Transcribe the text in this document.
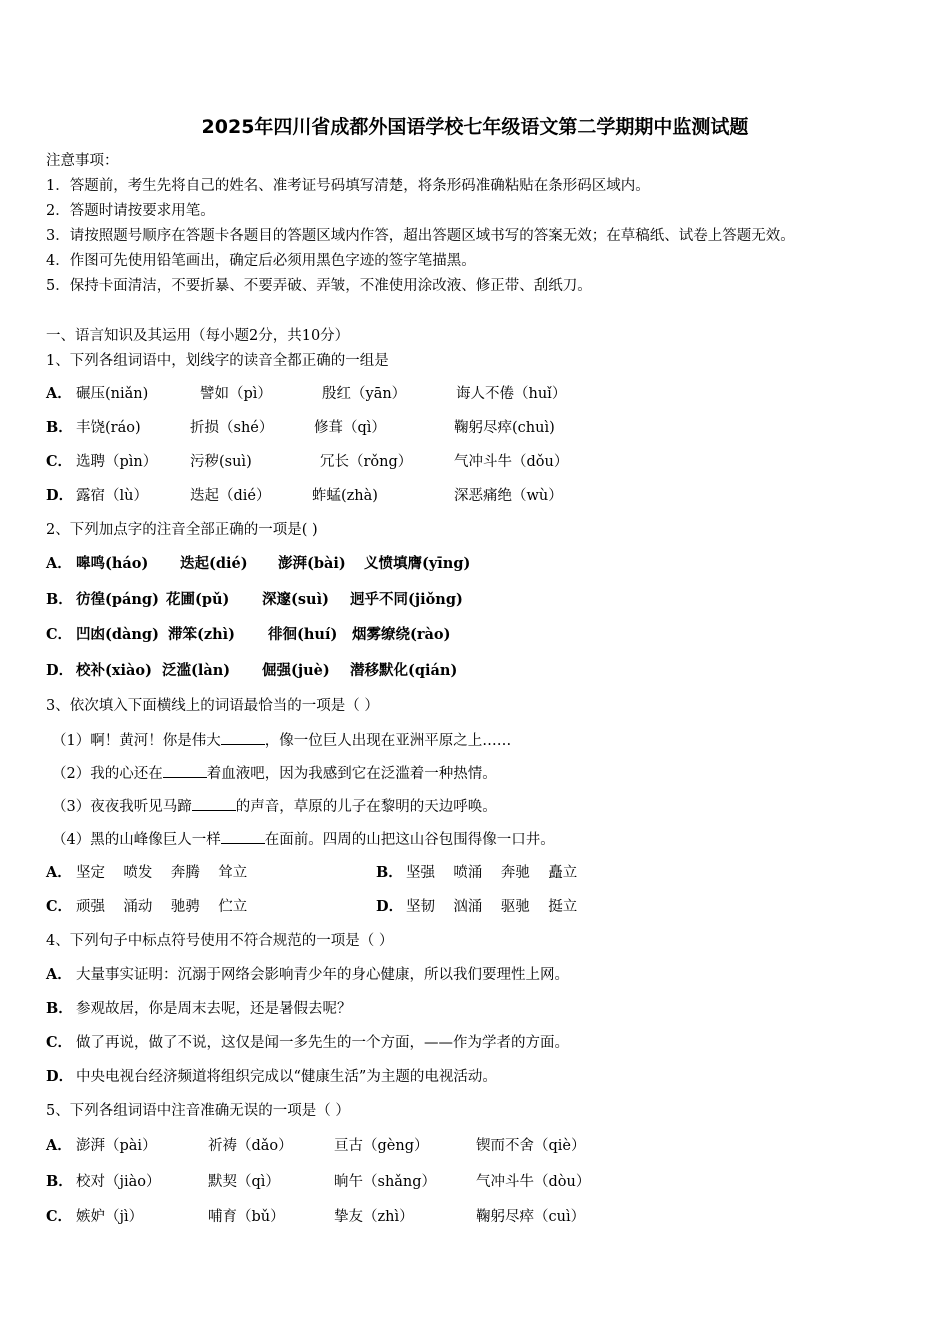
2025年四川省成都外国语学校七年级语文第二学期期中监测试题
注意事项：
1．答题前，考生先将自己的姓名、准考证号码填写清楚，将条形码准确粘贴在条形码区域内。
2．答题时请按要求用笔。
3．请按照题号顺序在答题卡各题目的答题区域内作答，超出答题区域书写的答案无效；在草稿纸、试卷上答题无效。
4．作图可先使用铅笔画出，确定后必须用黑色字迹的签字笔描黑。
5．保持卡面清洁，不要折暴、不要弄破、弄皱，不准使用涂改液、修正带、刮纸刀。
一、语言知识及其运用（每小题2分，共10分）
1、下列各组词语中，划线字的读音全都正确的一组是
A． 碾压(niǎn)	譬如（pì）	殷红（yān）	诲人不倦（huǐ）
B． 丰饶(ráo)	折损（shé）	修葺（qì）	鞠躬尽瘁(chuì)
C． 选聘（pìn） 污秽(suì)	冗长（rǒng）	气冲斗牛（dǒu）
D． 露宿（lù）	迭起（dié）	蚱蜢(zhà)	深恶痛绝（wù）
2、下列加点字的注音全部正确的一项是( )
A． 嗥鸣(háo) 迭起(dié) 澎湃(bài) 义愤填膺(yīng)
B． 彷徨(páng) 花圃(pǔ) 深邃(suì) 迥乎不同(jiǒng)
C． 凹凼(dàng) 滞笨(zhì) 徘徊(huí) 烟雾缭绕(rào)
D． 校补(xiào) 泛滥(làn) 倔强(juè) 潜移默化(qián)
3、依次填入下面横线上的词语最恰当的一项是（ ）
（1）啊！黄河！你是伟大	，像一位巨人出现在亚洲平原之上……
（2）我的心还在	着血液吧，因为我感到它在泛滥着一种热情。
（3）夜夜我听见马蹄	的声音，草原的儿子在黎明的天边呼唤。
（4）黑的山峰像巨人一样	在面前。四周的山把这山谷包围得像一口井。
A． 坚定    喷发    奔腾    耸立	B． 坚强    喷涌    奔驰    矗立
C． 顽强    涌动    驰骋    伫立	D． 坚韧    汹涌    驱驰    挺立
4、下列句子中标点符号使用不符合规范的一项是（ ）
A． 大量事实证明：沉溺于网络会影响青少年的身心健康，所以我们要理性上网。
B． 参观故居，你是周末去呢，还是暑假去呢？
C． 做了再说，做了不说，这仅是闻一多先生的一个方面，——作为学者的方面。
D． 中央电视台经济频道将组织完成以“健康生活”为主题的电视活动。
5、下列各组词语中注音准确无误的一项是（ ）
A． 澎湃（pài）	祈祷（dǎo）	亘古（gèng）	锲而不舍（qiè）
B． 校对（jiào）	默契（qì）	晌午（shǎng）	气冲斗牛（dòu）
C． 嫉妒（jì）	哺育（bǔ）	挚友（zhì）	鞠躬尽瘁（cuì）
